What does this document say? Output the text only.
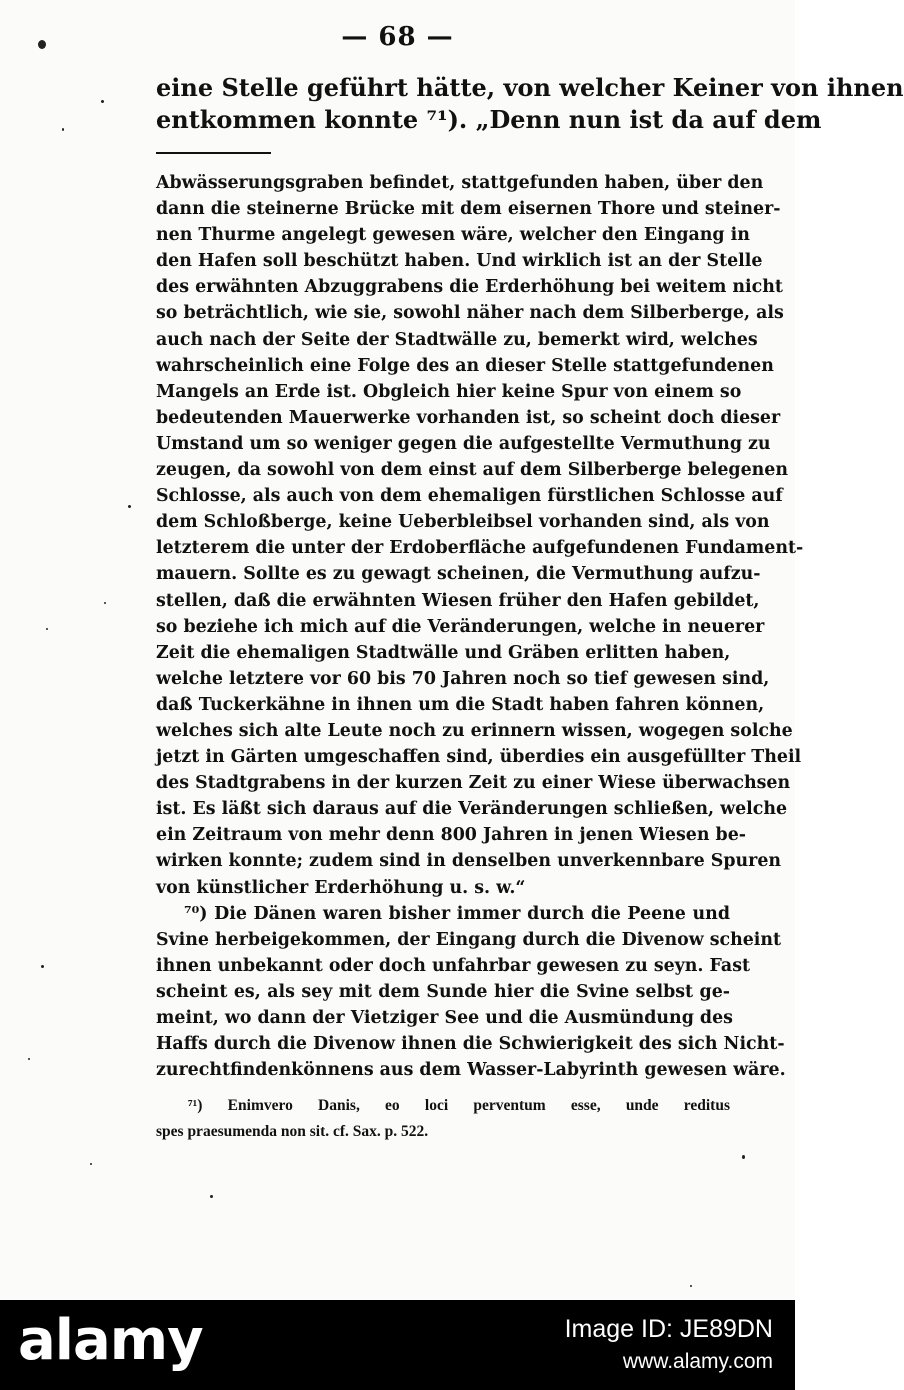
— 68 —
eine Stelle geführt hätte, von welcher Keiner von ihnen
entkommen konnte ⁷¹). „Denn nun ist da auf dem
Abwässerungsgraben befindet, stattgefunden haben, über den
dann die steinerne Brücke mit dem eisernen Thore und steiner-
nen Thurme angelegt gewesen wäre, welcher den Eingang in
den Hafen soll beschützt haben. Und wirklich ist an der Stelle
des erwähnten Abzuggrabens die Erderhöhung bei weitem nicht
so beträchtlich, wie sie, sowohl näher nach dem Silberberge, als
auch nach der Seite der Stadtwälle zu, bemerkt wird, welches
wahrscheinlich eine Folge des an dieser Stelle stattgefundenen
Mangels an Erde ist. Obgleich hier keine Spur von einem so
bedeutenden Mauerwerke vorhanden ist, so scheint doch dieser
Umstand um so weniger gegen die aufgestellte Vermuthung zu
zeugen, da sowohl von dem einst auf dem Silberberge belegenen
Schlosse, als auch von dem ehemaligen fürstlichen Schlosse auf
dem Schloßberge, keine Ueberbleibsel vorhanden sind, als von
letzterem die unter der Erdoberfläche aufgefundenen Fundament-
mauern. Sollte es zu gewagt scheinen, die Vermuthung aufzu-
stellen, daß die erwähnten Wiesen früher den Hafen gebildet,
so beziehe ich mich auf die Veränderungen, welche in neuerer
Zeit die ehemaligen Stadtwälle und Gräben erlitten haben,
welche letztere vor 60 bis 70 Jahren noch so tief gewesen sind,
daß Tuckerkähne in ihnen um die Stadt haben fahren können,
welches sich alte Leute noch zu erinnern wissen, wogegen solche
jetzt in Gärten umgeschaffen sind, überdies ein ausgefüllter Theil
des Stadtgrabens in der kurzen Zeit zu einer Wiese überwachsen
ist. Es läßt sich daraus auf die Veränderungen schließen, welche
ein Zeitraum von mehr denn 800 Jahren in jenen Wiesen be-
wirken konnte; zudem sind in denselben unverkennbare Spuren
von künstlicher Erderhöhung u. s. w.“
⁷⁰) Die Dänen waren bisher immer durch die Peene und
Svine herbeigekommen, der Eingang durch die Divenow scheint
ihnen unbekannt oder doch unfahrbar gewesen zu seyn. Fast
scheint es, als sey mit dem Sunde hier die Svine selbst ge-
meint, wo dann der Vietziger See und die Ausmündung des
Haffs durch die Divenow ihnen die Schwierigkeit des sich Nicht-
zurechtfindenkönnens aus dem Wasser-Labyrinth gewesen wäre.
⁷¹) Enimvero Danis, eo loci perventum esse, unde reditus
spes praesumenda non sit. cf. Sax. p. 522.
alamy	Image ID: JE89DN
www.alamy.com
